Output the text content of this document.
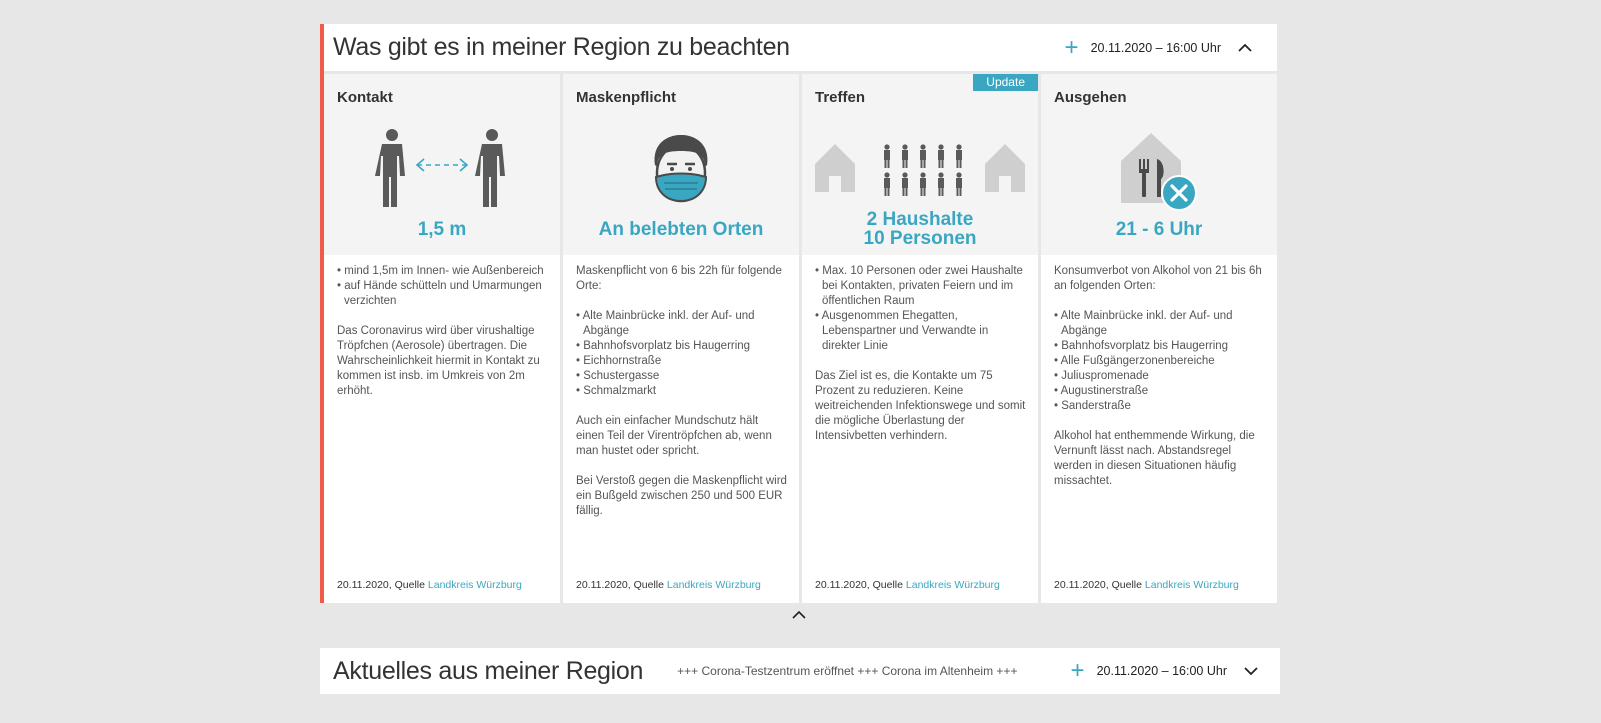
Was gibt es in meiner Region zu beachten	+ 20.11.2020 – 16:00 Uhr
Kontakt
1,5 m
• mind 1,5m im Innen- wie Außenbereich
• auf Hände schütteln und Umarmungen verzichten

Das Coronavirus wird über virushaltige Tröpfchen (Aerosole) übertragen. Die Wahrscheinlichkeit hiermit in Kontakt zu kommen ist insb. im Umkreis von 2m erhöht.

20.11.2020, Quelle Landkreis Würzburg
Maskenpflicht
An belebten Orten

Maskenpflicht von 6 bis 22h für folgende Orte:

• Alte Mainbrücke inkl. der Auf- und Abgänge
• Bahnhofsvorplatz bis Haugerring
• Eichhornstraße
• Schustergasse
• Schmalzmarkt

Auch ein einfacher Mundschutz hält einen Teil der Virentröpfchen ab, wenn man hustet oder spricht.

Bei Verstoß gegen die Maskenpflicht wird ein Bußgeld zwischen 250 und 500 EUR fällig.

20.11.2020, Quelle Landkreis Würzburg
Update
Treffen
2 Haushalte
10 Personen
• Max. 10 Personen oder zwei Haushalte bei Kontakten, privaten Feiern und im öffentlichen Raum
• Ausgenommen Ehegatten, Lebenspartner und Verwandte in direkter Linie

Das Ziel ist es, die Kontakte um 75 Prozent zu reduzieren. Keine weitreichenden Infektionswege und somit die mögliche Überlastung der Intensivbetten verhindern.

20.11.2020, Quelle Landkreis Würzburg
Ausgehen
21 - 6 Uhr

Konsumverbot von Alkohol von 21 bis 6h an folgenden Orten:

• Alte Mainbrücke inkl. der Auf- und Abgänge
• Bahnhofsvorplatz bis Haugerring
• Alle Fußgängerzonenbereiche
• Juliuspromenade
• Augustinerstraße
• Sanderstraße

Alkohol hat enthemmende Wirkung, die Vernunft lässt nach. Abstandsregel werden in diesen Situationen häufig missachtet.

20.11.2020, Quelle Landkreis Würzburg
Aktuelles aus meiner Region	+++ Corona-Testzentrum eröffnet +++ Corona im Altenheim +++	+ 20.11.2020 – 16:00 Uhr
